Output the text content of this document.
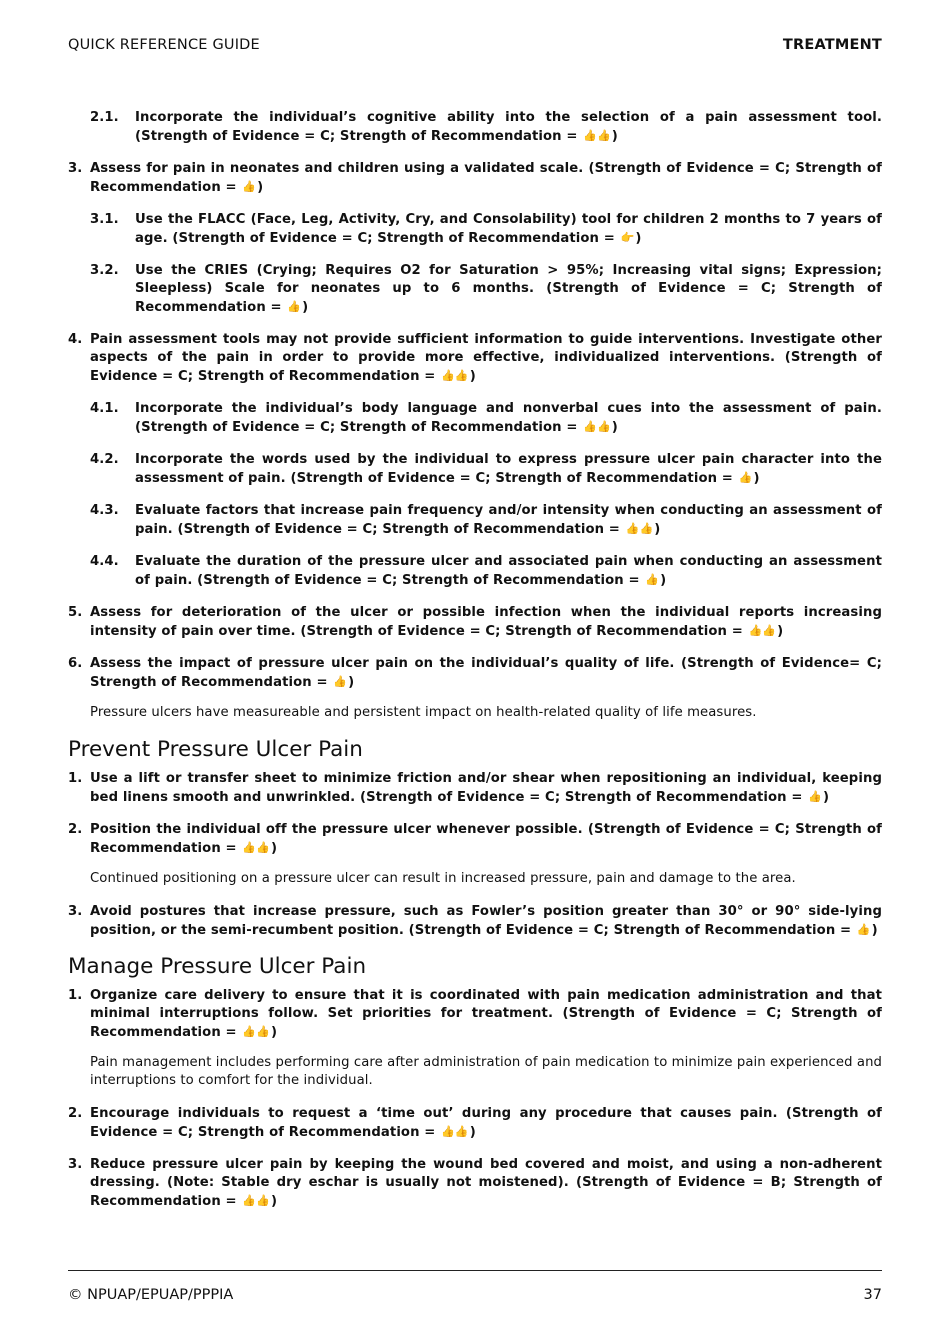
QUICK REFERENCE GUIDE	TREATMENT
2.1.	Incorporate the individual’s cognitive ability into the selection of a pain assessment tool. (Strength of Evidence = C; Strength of Recommendation = 👍👍)
3. Assess for pain in neonates and children using a validated scale. (Strength of Evidence = C; Strength of Recommendation = 👍)
3.1.	Use the FLACC (Face, Leg, Activity, Cry, and Consolability) tool for children 2 months to 7 years of age. (Strength of Evidence = C; Strength of Recommendation = 👉)
3.2.	Use the CRIES (Crying; Requires O2 for Saturation > 95%; Increasing vital signs; Expression; Sleepless) Scale for neonates up to 6 months. (Strength of Evidence = C; Strength of Recommendation = 👍)
4. Pain assessment tools may not provide sufficient information to guide interventions. Investigate other aspects of the pain in order to provide more effective, individualized interventions. (Strength of Evidence = C; Strength of Recommendation = 👍👍)
4.1.	Incorporate the individual’s body language and nonverbal cues into the assessment of pain. (Strength of Evidence = C; Strength of Recommendation = 👍👍)
4.2.	Incorporate the words used by the individual to express pressure ulcer pain character into the assessment of pain. (Strength of Evidence = C; Strength of Recommendation = 👍)
4.3.	Evaluate factors that increase pain frequency and/or intensity when conducting an assessment of pain. (Strength of Evidence = C; Strength of Recommendation = 👍👍)
4.4.	Evaluate the duration of the pressure ulcer and associated pain when conducting an assessment of pain. (Strength of Evidence = C; Strength of Recommendation = 👍)
5. Assess for deterioration of the ulcer or possible infection when the individual reports increasing intensity of pain over time. (Strength of Evidence = C; Strength of Recommendation = 👍👍)
6. Assess the impact of pressure ulcer pain on the individual’s quality of life. (Strength of Evidence= C; Strength of Recommendation = 👍)

Pressure ulcers have measureable and persistent impact on health-related quality of life measures.

Prevent Pressure Ulcer Pain
1. Use a lift or transfer sheet to minimize friction and/or shear when repositioning an individual, keeping bed linens smooth and unwrinkled. (Strength of Evidence = C; Strength of Recommendation = 👍)
2. Position the individual off the pressure ulcer whenever possible. (Strength of Evidence = C; Strength of Recommendation = 👍👍)

Continued positioning on a pressure ulcer can result in increased pressure, pain and damage to the area.

3. Avoid postures that increase pressure, such as Fowler’s position greater than 30° or 90° side-lying position, or the semi-recumbent position. (Strength of Evidence = C; Strength of Recommendation = 👍)
Manage Pressure Ulcer Pain
1. Organize care delivery to ensure that it is coordinated with pain medication administration and that minimal interruptions follow. Set priorities for treatment. (Strength of Evidence = C; Strength of Recommendation = 👍👍)

Pain management includes performing care after administration of pain medication to minimize pain experienced and interruptions to comfort for the individual.

2. Encourage individuals to request a ‘time out’ during any procedure that causes pain. (Strength of Evidence = C; Strength of Recommendation = 👍👍)
3. Reduce pressure ulcer pain by keeping the wound bed covered and moist, and using a non-adherent dressing. (Note: Stable dry eschar is usually not moistened). (Strength of Evidence = B; Strength of Recommendation = 👍👍)
© NPUAP/EPUAP/PPPIA	37
